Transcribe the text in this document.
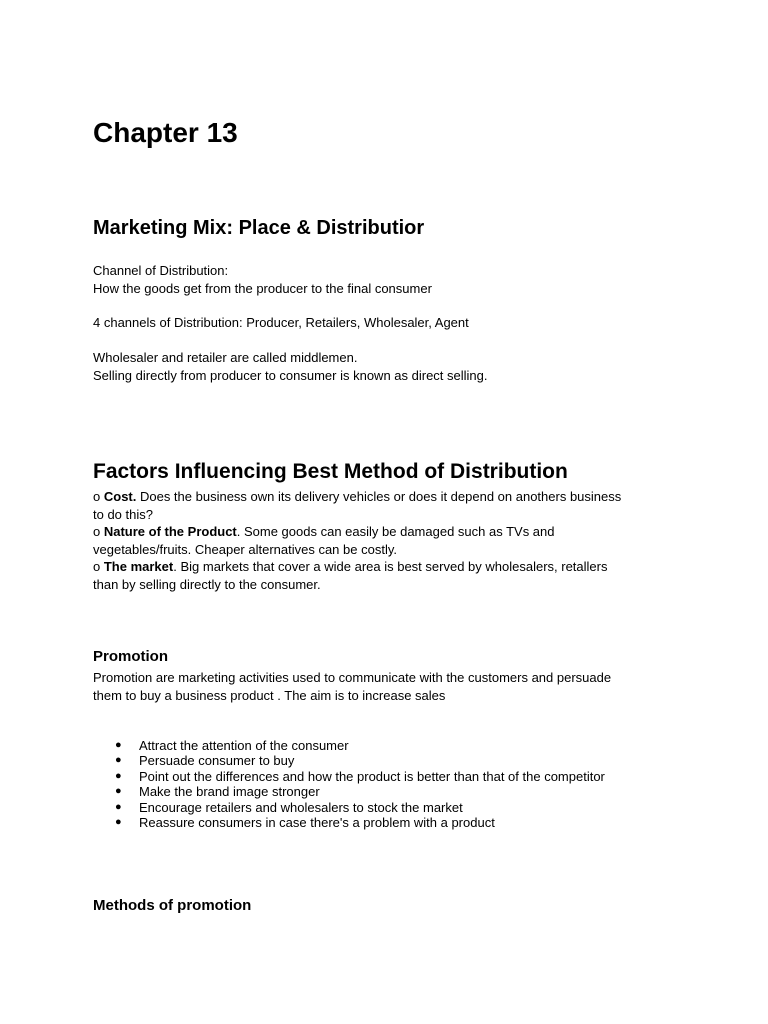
Chapter 13
Marketing Mix: Place & Distributior
Channel of Distribution:
How the goods get from the producer to the final consumer
4 channels of Distribution: Producer, Retailers, Wholesaler, Agent
Wholesaler and retailer are called middlemen.
Selling directly from producer to consumer is known as direct selling.
Factors Influencing Best Method of Distribution
o Cost. Does the business own its delivery vehicles or does it depend on anothers business
to do this?
o Nature of the Product. Some goods can easily be damaged such as TVs and
vegetables/fruits. Cheaper alternatives can be costly.
o The market. Big markets that cover a wide area is best served by wholesalers, retallers
than by selling directly to the consumer.
Promotion
Promotion are marketing activities used to communicate with the customers and persuade
them to buy a business product . The aim is to increase sales
● Attract the attention of the consumer
● Persuade consumer to buy
● Point out the differences and how the product is better than that of the competitor
● Make the brand image stronger
● Encourage retailers and wholesalers to stock the market
● Reassure consumers in case there's a problem with a product
Methods of promotion
